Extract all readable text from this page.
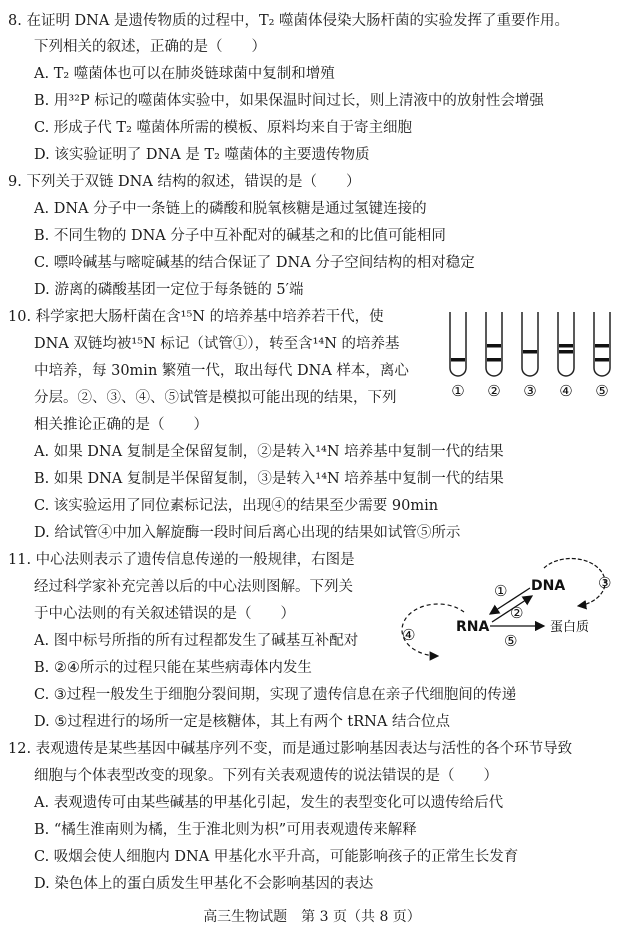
8. 在证明 DNA 是遗传物质的过程中，T₂ 噬菌体侵染大肠杆菌的实验发挥了重要作用。
下列相关的叙述，正确的是（　　）
A. T₂ 噬菌体也可以在肺炎链球菌中复制和增殖
B. 用³²P 标记的噬菌体实验中，如果保温时间过长，则上清液中的放射性会增强
C. 形成子代 T₂ 噬菌体所需的模板、原料均来自于寄主细胞
D. 该实验证明了 DNA 是 T₂ 噬菌体的主要遗传物质
9. 下列关于双链 DNA 结构的叙述，错误的是（　　）
A. DNA 分子中一条链上的磷酸和脱氧核糖是通过氢键连接的
B. 不同生物的 DNA 分子中互补配对的碱基之和的比值可能相同
C. 嘌呤碱基与嘧啶碱基的结合保证了 DNA 分子空间结构的相对稳定
D. 游离的磷酸基团一定位于每条链的 5′端
10. 科学家把大肠杆菌在含¹⁵N 的培养基中培养若干代，使
DNA 双链均被¹⁵N 标记（试管①），转至含¹⁴N 的培养基
中培养，每 30min 繁殖一代，取出每代 DNA 样本，离心
分层。②、③、④、⑤试管是模拟可能出现的结果，下列
相关推论正确的是（　　）
① ② ③ ④ ⑤
A. 如果 DNA 复制是全保留复制，②是转入¹⁴N 培养基中复制一代的结果
B. 如果 DNA 复制是半保留复制，③是转入¹⁴N 培养基中复制一代的结果
C. 该实验运用了同位素标记法，出现④的结果至少需要 90min
D. 给试管④中加入解旋酶一段时间后离心出现的结果如试管⑤所示
11. 中心法则表示了遗传信息传递的一般规律，右图是
经过科学家补充完善以后的中心法则图解。下列关
于中心法则的有关叙述错误的是（　　）
DNA
RNA	蛋白质
①
②
③
④	⑤
A. 图中标号所指的所有过程都发生了碱基互补配对
B. ②④所示的过程只能在某些病毒体内发生
C. ③过程一般发生于细胞分裂间期，实现了遗传信息在亲子代细胞间的传递
D. ⑤过程进行的场所一定是核糖体，其上有两个 tRNA 结合位点
12. 表观遗传是某些基因中碱基序列不变，而是通过影响基因表达与活性的各个环节导致
细胞与个体表型改变的现象。下列有关表观遗传的说法错误的是（　　）
A. 表观遗传可由某些碱基的甲基化引起，发生的表型变化可以遗传给后代
B. “橘生淮南则为橘，生于淮北则为枳”可用表观遗传来解释
C. 吸烟会使人细胞内 DNA 甲基化水平升高，可能影响孩子的正常生长发育
D. 染色体上的蛋白质发生甲基化不会影响基因的表达
高三生物试题　第 3 页（共 8 页）
